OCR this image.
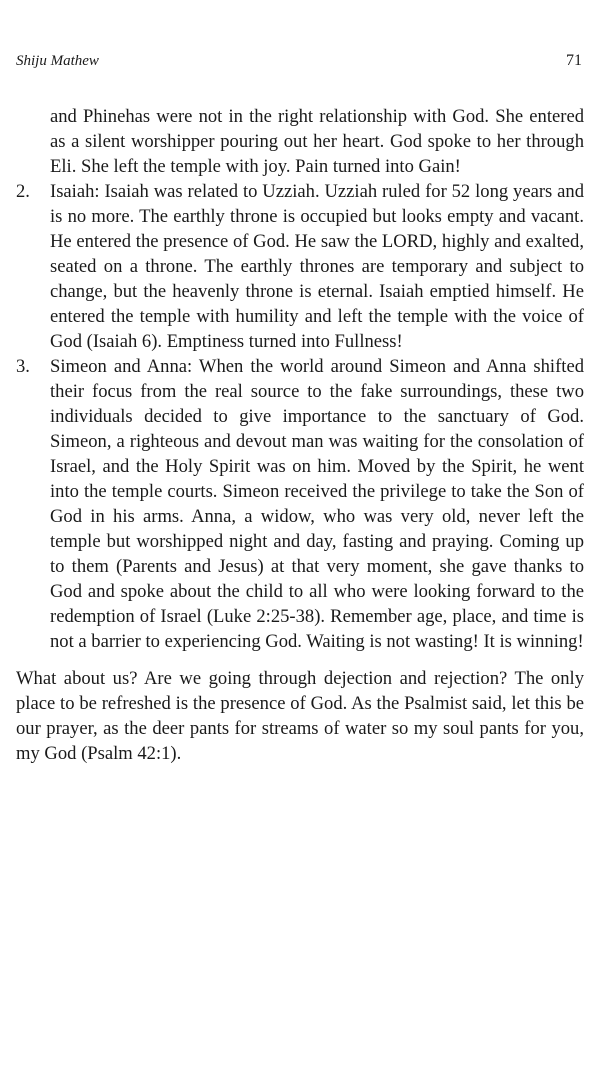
Shiju Mathew	71

and Phinehas were not in the right relationship with God. She entered as a silent worshipper pouring out her heart. God spoke to her through Eli. She left the temple with joy. Pain turned into Gain!

2.	Isaiah: Isaiah was related to Uzziah. Uzziah ruled for 52 long years and is no more. The earthly throne is occupied but looks empty and vacant. He entered the presence of God. He saw the LORD, highly and exalted, seated on a throne. The earthly thrones are temporary and subject to change, but the heavenly throne is eternal. Isaiah emptied himself. He entered the temple with humility and left the temple with the voice of God (Isaiah 6). Emptiness turned into Fullness!
3.	Simeon and Anna: When the world around Simeon and Anna shifted their focus from the real source to the fake surroundings, these two individuals decided to give importance to the sanctuary of God. Simeon, a righteous and devout man was waiting for the consolation of Israel, and the Holy Spirit was on him. Moved by the Spirit, he went into the temple courts. Simeon received the privilege to take the Son of God in his arms. Anna, a widow, who was very old, never left the temple but worshipped night and day, fasting and praying. Coming up to them (Parents and Jesus) at that very moment, she gave thanks to God and spoke about the child to all who were looking forward to the redemption of Israel (Luke 2:25-38). Remember age, place, and time is not a barrier to experiencing God. Waiting is not wasting! It is winning!

What about us? Are we going through dejection and rejection? The only place to be refreshed is the presence of God. As the Psalmist said, let this be our prayer, as the deer pants for streams of water so my soul pants for you, my God (Psalm 42:1).
